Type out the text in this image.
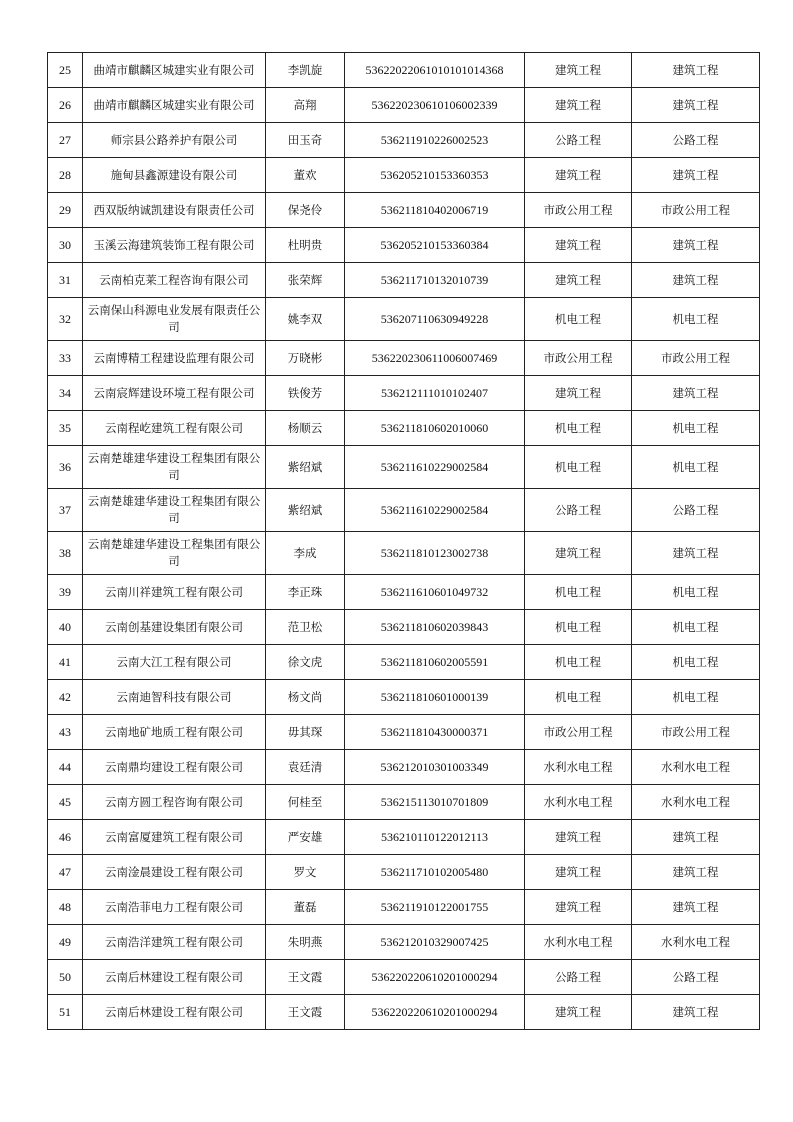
25	曲靖市麒麟区城建实业有限公司	李凯旋	53622022061010101014368	建筑工程	建筑工程
26	曲靖市麒麟区城建实业有限公司	高翔	536220230610106002339	建筑工程	建筑工程
27	师宗县公路养护有限公司	田玉奇	536211910226002523	公路工程	公路工程
28	施甸县鑫源建设有限公司	董欢	536205210153360353	建筑工程	建筑工程
29	西双版纳诚凯建设有限责任公司	保尧伶	536211810402006719	市政公用工程	市政公用工程
30	玉溪云海建筑装饰工程有限公司	杜明贵	536205210153360384	建筑工程	建筑工程
31	云南柏克莱工程咨询有限公司	张荣辉	536211710132010739	建筑工程	建筑工程
32	云南保山科源电业发展有限责任公司	姚李双	536207110630949228	机电工程	机电工程
33	云南博精工程建设监理有限公司	万晓彬	536220230611006007469	市政公用工程	市政公用工程
34	云南宸辉建设环境工程有限公司	铁俊芳	536212111010102407	建筑工程	建筑工程
35	云南程屹建筑工程有限公司	杨顺云	536211810602010060	机电工程	机电工程
36	云南楚雄建华建设工程集团有限公司	紫绍斌	536211610229002584	机电工程	机电工程
37	云南楚雄建华建设工程集团有限公司	紫绍斌	536211610229002584	公路工程	公路工程
38	云南楚雄建华建设工程集团有限公司	李成	536211810123002738	建筑工程	建筑工程
39	云南川祥建筑工程有限公司	李正珠	536211610601049732	机电工程	机电工程
40	云南创基建设集团有限公司	范卫松	536211810602039843	机电工程	机电工程
41	云南大江工程有限公司	徐文虎	536211810602005591	机电工程	机电工程
42	云南迪智科技有限公司	杨文尚	536211810601000139	机电工程	机电工程
43	云南地矿地质工程有限公司	毋其琛	536211810430000371	市政公用工程	市政公用工程
44	云南鼎均建设工程有限公司	袁廷清	536212010301003349	水利水电工程	水利水电工程
45	云南方圆工程咨询有限公司	何桂至	536215113010701809	水利水电工程	水利水电工程
46	云南富厦建筑工程有限公司	严安雄	536210110122012113	建筑工程	建筑工程
47	云南淦晨建设工程有限公司	罗文	536211710102005480	建筑工程	建筑工程
48	云南浩菲电力工程有限公司	董磊	536211910122001755	建筑工程	建筑工程
49	云南浩洋建筑工程有限公司	朱明燕	536212010329007425	水利水电工程	水利水电工程
50	云南后林建设工程有限公司	王文霞	536220220610201000294	公路工程	公路工程
51	云南后林建设工程有限公司	王文霞	536220220610201000294	建筑工程	建筑工程
